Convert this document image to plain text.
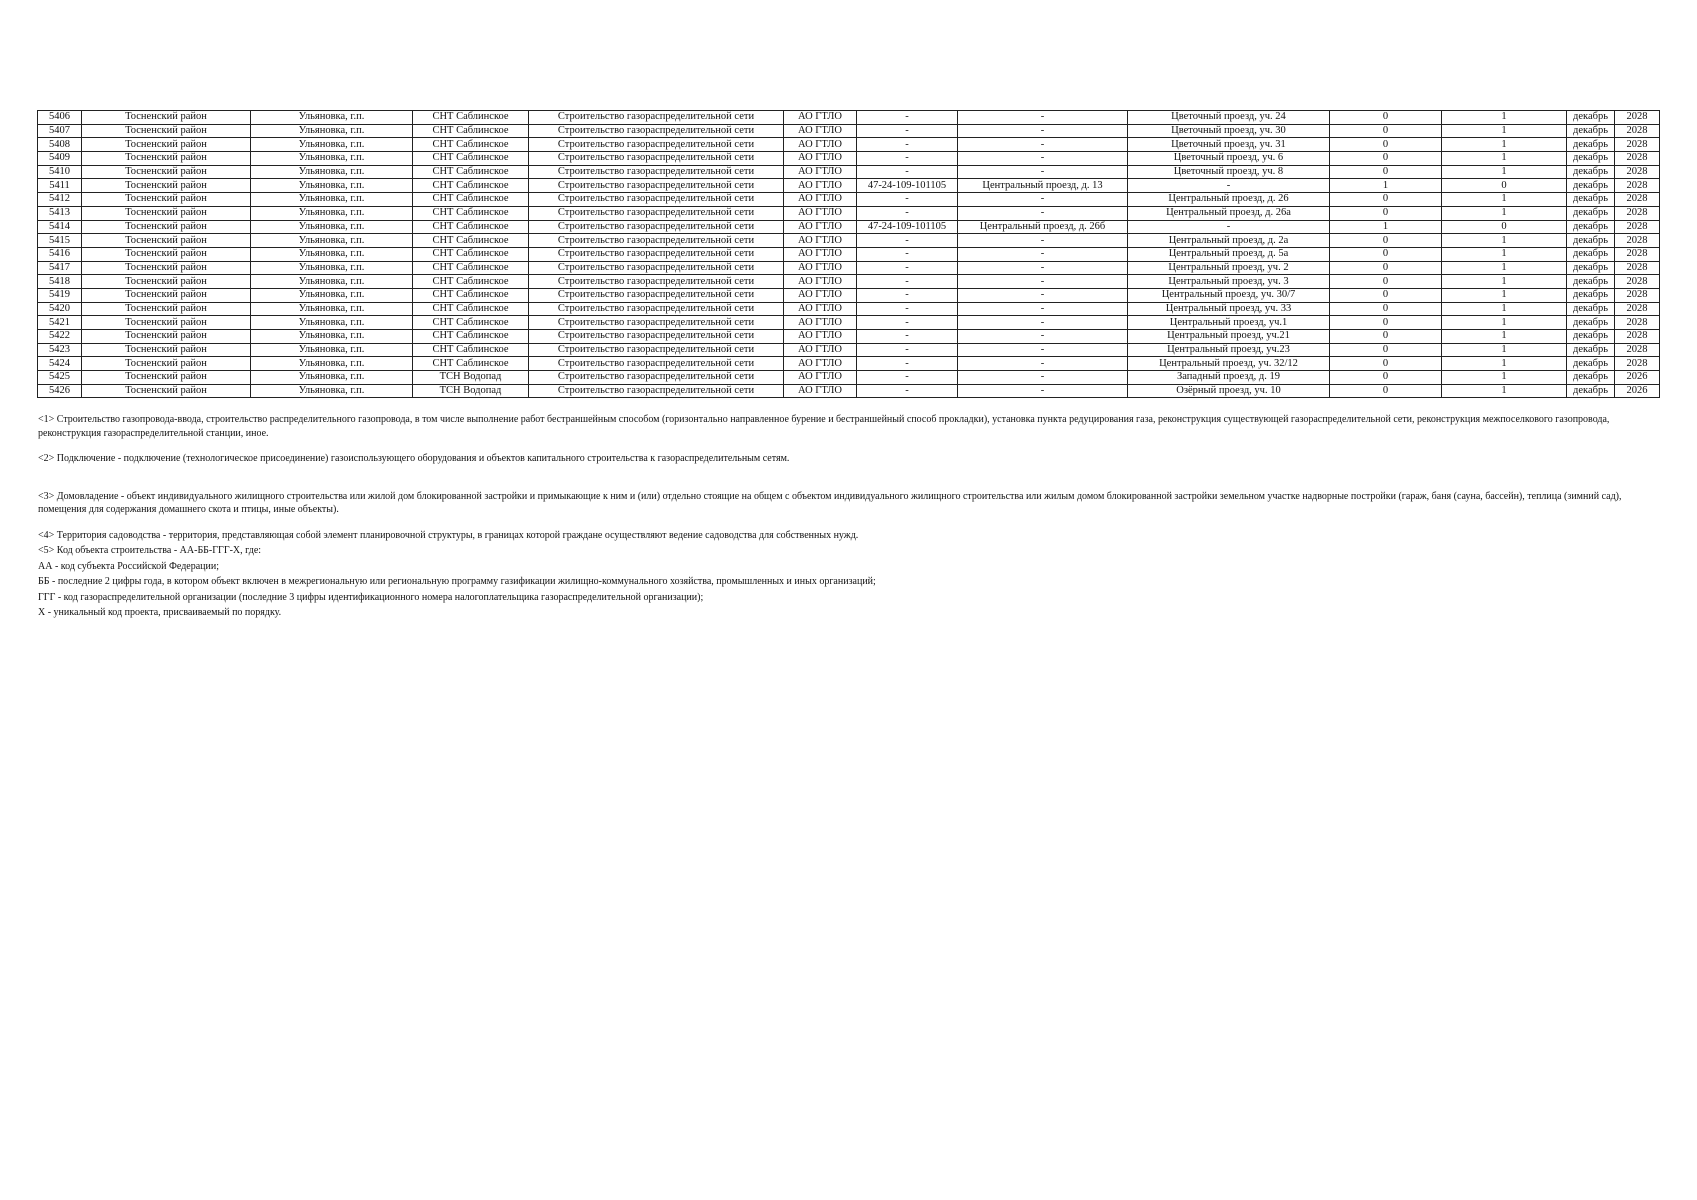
5406	Тосненский район	Ульяновка, г.п.	СНТ Саблинское	Строительство газораспределительной сети	АО ГТЛО	-	-	Цветочный проезд, уч. 24	0	1	декабрь	2028
5407	Тосненский район	Ульяновка, г.п.	СНТ Саблинское	Строительство газораспределительной сети	АО ГТЛО	-	-	Цветочный проезд, уч. 30	0	1	декабрь	2028
5408	Тосненский район	Ульяновка, г.п.	СНТ Саблинское	Строительство газораспределительной сети	АО ГТЛО	-	-	Цветочный проезд, уч. 31	0	1	декабрь	2028
5409	Тосненский район	Ульяновка, г.п.	СНТ Саблинское	Строительство газораспределительной сети	АО ГТЛО	-	-	Цветочный проезд, уч. 6	0	1	декабрь	2028
5410	Тосненский район	Ульяновка, г.п.	СНТ Саблинское	Строительство газораспределительной сети	АО ГТЛО	-	-	Цветочный проезд, уч. 8	0	1	декабрь	2028
5411	Тосненский район	Ульяновка, г.п.	СНТ Саблинское	Строительство газораспределительной сети	АО ГТЛО	47-24-109-101105	Центральный проезд, д. 13	-	1	0	декабрь	2028
5412	Тосненский район	Ульяновка, г.п.	СНТ Саблинское	Строительство газораспределительной сети	АО ГТЛО	-	-	Центральный проезд, д. 26	0	1	декабрь	2028
5413	Тосненский район	Ульяновка, г.п.	СНТ Саблинское	Строительство газораспределительной сети	АО ГТЛО	-	-	Центральный проезд, д. 26а	0	1	декабрь	2028
5414	Тосненский район	Ульяновка, г.п.	СНТ Саблинское	Строительство газораспределительной сети	АО ГТЛО	47-24-109-101105	Центральный проезд, д. 26б	-	1	0	декабрь	2028
5415	Тосненский район	Ульяновка, г.п.	СНТ Саблинское	Строительство газораспределительной сети	АО ГТЛО	-	-	Центральный проезд, д. 2а	0	1	декабрь	2028
5416	Тосненский район	Ульяновка, г.п.	СНТ Саблинское	Строительство газораспределительной сети	АО ГТЛО	-	-	Центральный проезд, д. 5а	0	1	декабрь	2028
5417	Тосненский район	Ульяновка, г.п.	СНТ Саблинское	Строительство газораспределительной сети	АО ГТЛО	-	-	Центральный проезд, уч. 2	0	1	декабрь	2028
5418	Тосненский район	Ульяновка, г.п.	СНТ Саблинское	Строительство газораспределительной сети	АО ГТЛО	-	-	Центральный проезд, уч. 3	0	1	декабрь	2028
5419	Тосненский район	Ульяновка, г.п.	СНТ Саблинское	Строительство газораспределительной сети	АО ГТЛО	-	-	Центральный проезд, уч. 30/7	0	1	декабрь	2028
5420	Тосненский район	Ульяновка, г.п.	СНТ Саблинское	Строительство газораспределительной сети	АО ГТЛО	-	-	Центральный проезд, уч. 33	0	1	декабрь	2028
5421	Тосненский район	Ульяновка, г.п.	СНТ Саблинское	Строительство газораспределительной сети	АО ГТЛО	-	-	Центральный проезд, уч.1	0	1	декабрь	2028
5422	Тосненский район	Ульяновка, г.п.	СНТ Саблинское	Строительство газораспределительной сети	АО ГТЛО	-	-	Центральный проезд, уч.21	0	1	декабрь	2028
5423	Тосненский район	Ульяновка, г.п.	СНТ Саблинское	Строительство газораспределительной сети	АО ГТЛО	-	-	Центральный проезд, уч.23	0	1	декабрь	2028
5424	Тосненский район	Ульяновка, г.п.	СНТ Саблинское	Строительство газораспределительной сети	АО ГТЛО	-	-	Центральный проезд, уч. 32/12	0	1	декабрь	2028
5425	Тосненский район	Ульяновка, г.п.	ТСН Водопад	Строительство газораспределительной сети	АО ГТЛО	-	-	Западный проезд, д. 19	0	1	декабрь	2026
5426	Тосненский район	Ульяновка, г.п.	ТСН Водопад	Строительство газораспределительной сети	АО ГТЛО	-	-	Озёрный проезд, уч. 10	0	1	декабрь	2026

<1> Строительство газопровода-ввода, строительство распределительного газопровода, в том числе выполнение работ бестраншейным способом (горизонтально направленное бурение и бестраншейный способ прокладки), установка пункта редуцирования газа, реконструкция существующей газораспределительной сети, реконструкция межпоселкового газопровода, реконструкция газораспределительной станции, иное.

<2> Подключение - подключение (технологическое присоединение) газоиспользующего оборудования и объектов капитального строительства к газораспределительным сетям.

<3> Домовладение - объект индивидуального жилищного строительства или жилой дом блокированной застройки и примыкающие к ним и (или) отдельно стоящие на общем с объектом индивидуального жилищного строительства или жилым домом блокированной застройки земельном участке надворные постройки (гараж, баня (сауна, бассейн), теплица (зимний сад), помещения для содержания домашнего скота и птицы, иные объекты).

<4> Территория садоводства - территория, представляющая собой элемент планировочной структуры, в границах которой граждане осуществляют ведение садоводства для собственных нужд.

<5> Код объекта строительства - АА-ББ-ГГГ-Х, где:

АА - код субъекта Российской Федерации;

ББ - последние 2 цифры года, в котором объект включен в межрегиональную или региональную программу газификации жилищно-коммунального хозяйства, промышленных и иных организаций;

ГГГ - код газораспределительной организации (последние 3 цифры идентификационного номера налогоплательщика газораспределительной организации);

Х - уникальный код проекта, присваиваемый по порядку.
